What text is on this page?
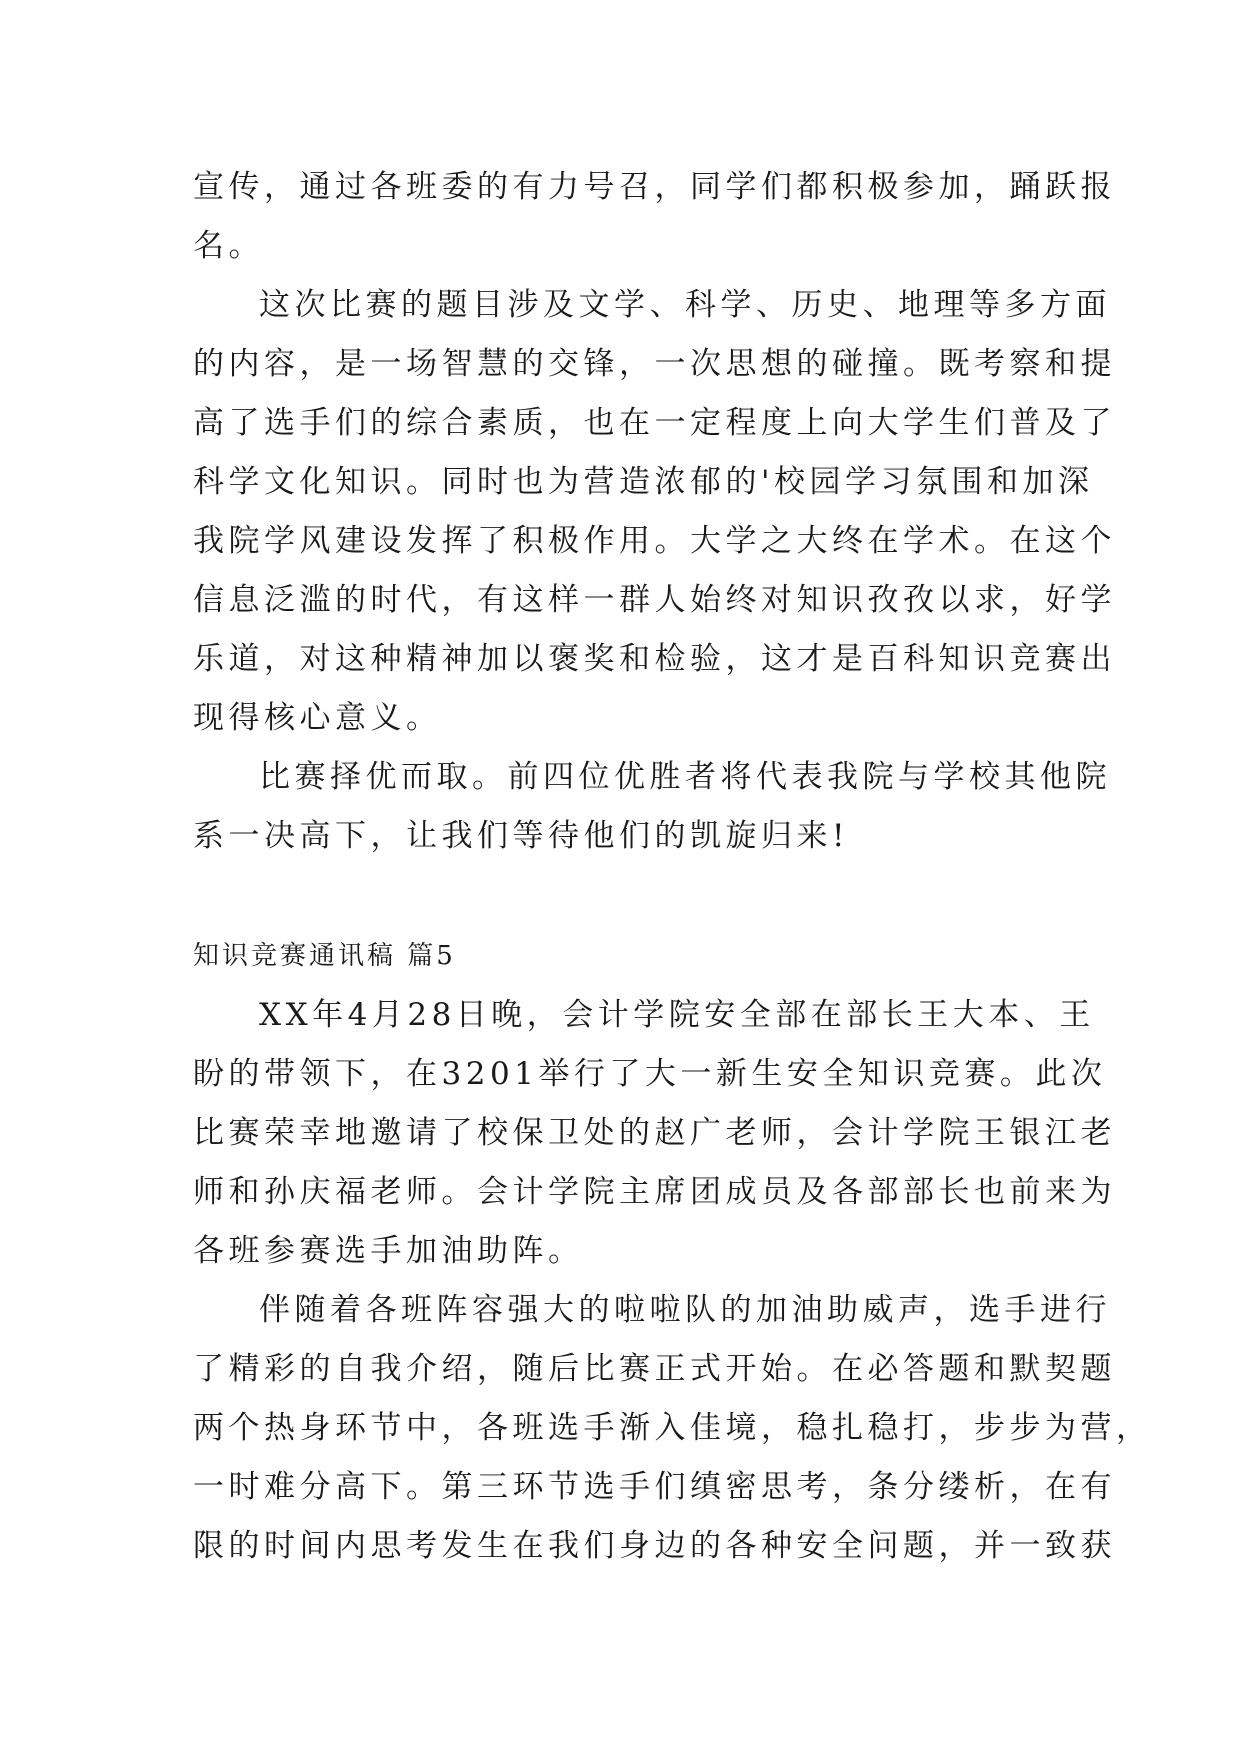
宣传，通过各班委的有力号召，同学们都积极参加，踊跃报
名。
这次比赛的题目涉及文学、科学、历史、地理等多方面
的内容，是一场智慧的交锋，一次思想的碰撞。既考察和提
高了选手们的综合素质，也在一定程度上向大学生们普及了
科学文化知识。同时也为营造浓郁的'校园学习氛围和加深
我院学风建设发挥了积极作用。大学之大终在学术。在这个
信息泛滥的时代，有这样一群人始终对知识孜孜以求，好学
乐道，对这种精神加以褒奖和检验，这才是百科知识竞赛出
现得核心意义。
比赛择优而取。前四位优胜者将代表我院与学校其他院
系一决高下，让我们等待他们的凯旋归来!
知识竞赛通讯稿 篇5
XX年4月28日晚，会计学院安全部在部长王大本、王
盼的带领下，在3201举行了大一新生安全知识竞赛。此次
比赛荣幸地邀请了校保卫处的赵广老师，会计学院王银江老
师和孙庆福老师。会计学院主席团成员及各部部长也前来为
各班参赛选手加油助阵。
伴随着各班阵容强大的啦啦队的加油助威声，选手进行
了精彩的自我介绍，随后比赛正式开始。在必答题和默契题
两个热身环节中，各班选手渐入佳境，稳扎稳打，步步为营，
一时难分高下。第三环节选手们缜密思考，条分缕析，在有
限的时间内思考发生在我们身边的各种安全问题，并一致获
